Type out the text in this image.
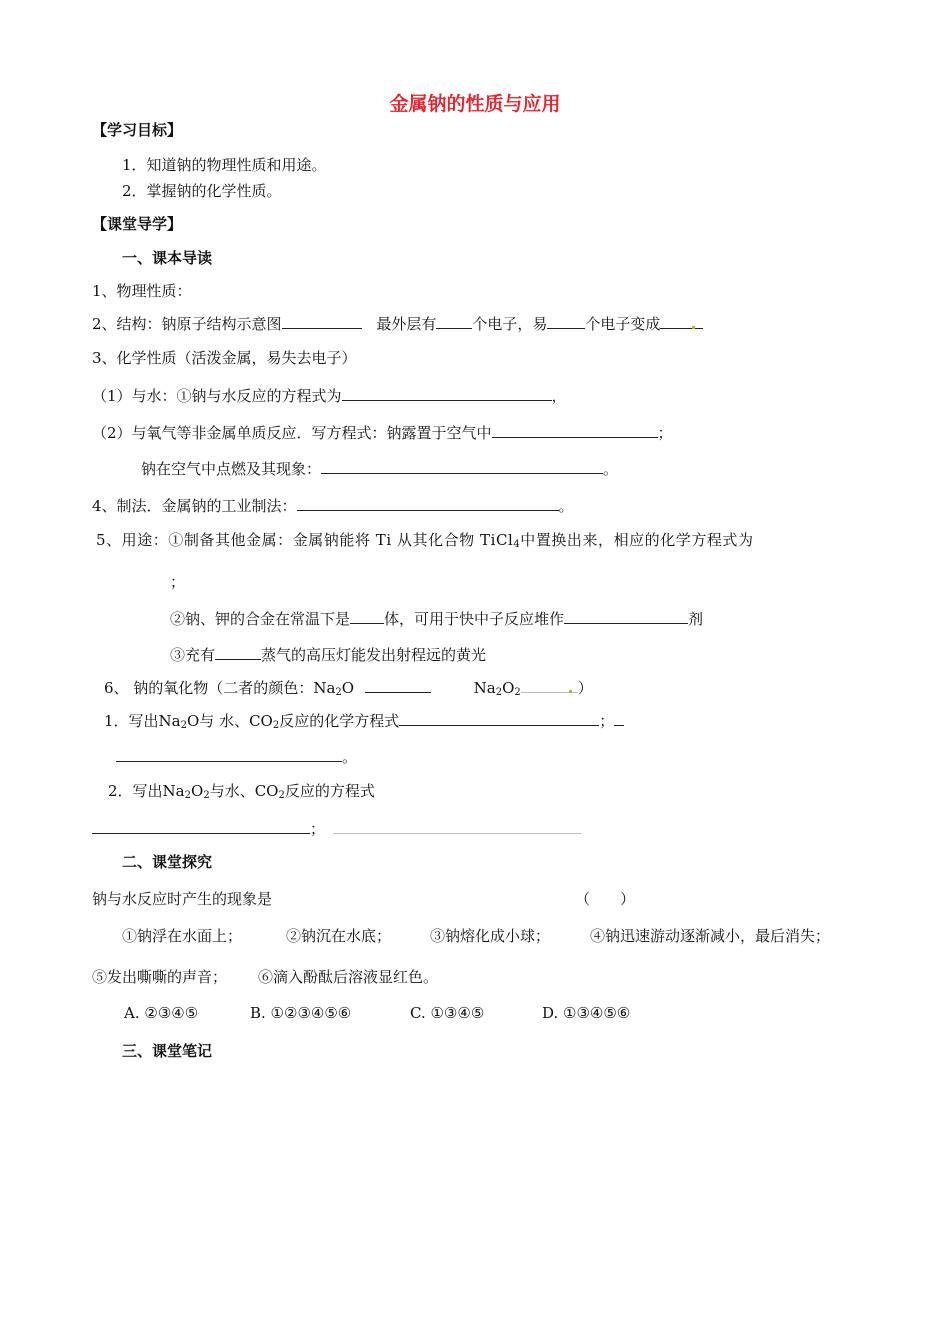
金属钠的性质与应用
【学习目标】
1．知道钠的物理性质和用途。
2．掌握钠的化学性质。
【课堂导学】
一、课本导读
1、物理性质：
2、结构：钠原子结构示意图	最外层有 个电子，易	个电子变成
3、化学性质（活泼金属，易失去电子）
（1）与水：①钠与水反应的方程式为	，
（2）与氧气等非金属单质反应．写方程式：钠露置于空气中	；
钠在空气中点燃及其现象：	。
4、制法．金属钠的工业制法：	。
5、用途：①制备其他金属：金属钠能将 Ti 从其化合物 TiCl$_4$中置换出来，相应的化学方程式为
；
②钠、钾的合金在常温下是 体，可用于快中子反应堆作	剂
③充有	蒸气的高压灯能发出射程远的黄光
6、 钠的氧化物（二者的颜色：$Na_2O$	$Na_2O_2$	）
1．写出$Na_2O$与 水、$CO_2$反应的化学方程式	；
。
2．写出$Na_2O_2$与水、$CO_2$反应的方程式
；
二、课堂探究
钠与水反应时产生的现象是	（　　）
①钠浮在水面上；	②钠沉在水底；	③钠熔化成小球；	④钠迅速游动逐渐减小，最后消失；
⑤发出嘶嘶的声音； ⑥滴入酚酞后溶液显红色。
A. ②③④⑤	B. ①②③④⑤⑥	C. ①③④⑤	D. ①③④⑤⑥
三、课堂笔记
